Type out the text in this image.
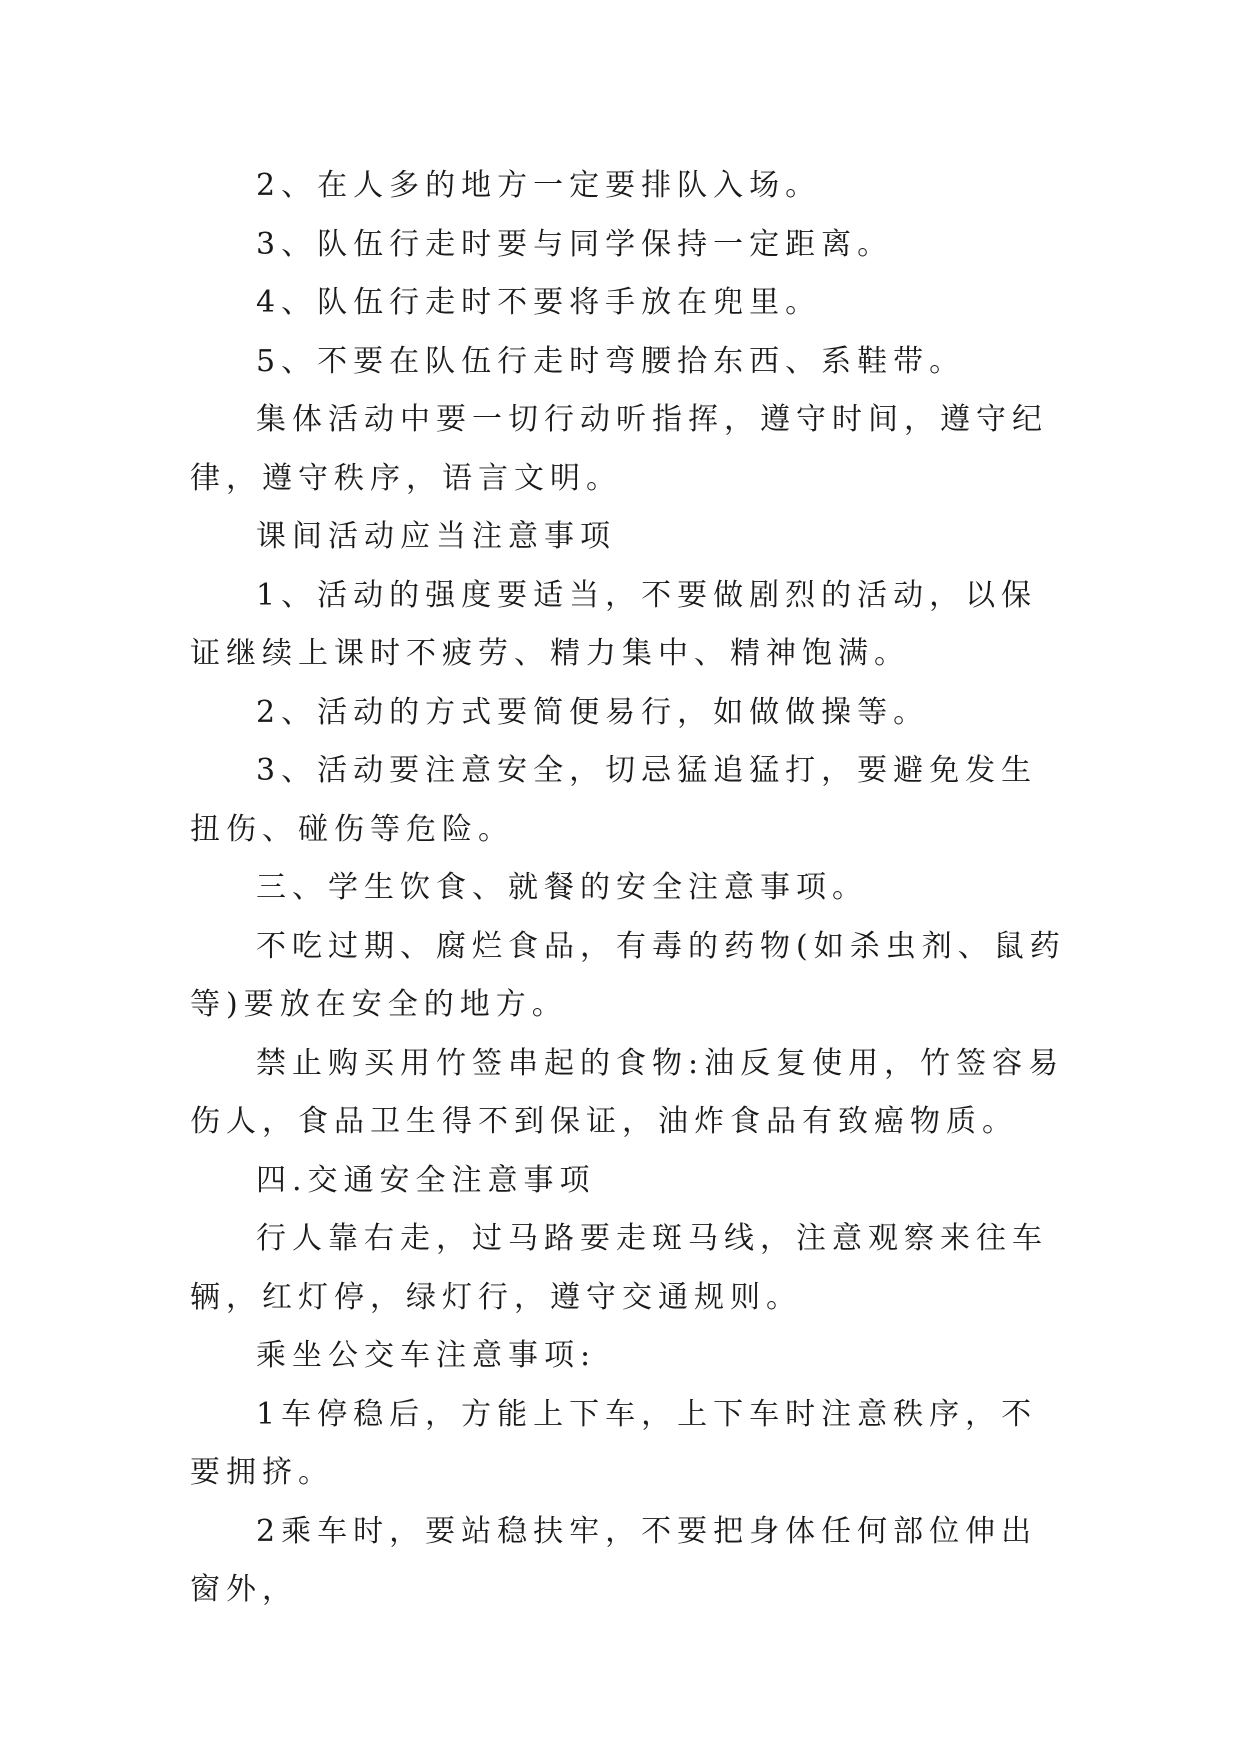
2、在人多的地方一定要排队入场。

3、队伍行走时要与同学保持一定距离。

4、队伍行走时不要将手放在兜里。

5、不要在队伍行走时弯腰拾东西、系鞋带。

集体活动中要一切行动听指挥，遵守时间，遵守纪律，遵守秩序，语言文明。

课间活动应当注意事项

1、活动的强度要适当，不要做剧烈的活动，以保证继续上课时不疲劳、精力集中、精神饱满。

2、活动的方式要简便易行，如做做操等。

3、活动要注意安全，切忌猛追猛打，要避免发生扭伤、碰伤等危险。

三、学生饮食、就餐的安全注意事项。

不吃过期、腐烂食品，有毒的药物(如杀虫剂、鼠药等)要放在安全的地方。

禁止购买用竹签串起的食物:油反复使用，竹签容易伤人，食品卫生得不到保证，油炸食品有致癌物质。

四.交通安全注意事项

行人靠右走，过马路要走斑马线，注意观察来往车辆，红灯停，绿灯行，遵守交通规则。

乘坐公交车注意事项:

1车停稳后，方能上下车，上下车时注意秩序，不要拥挤。

2乘车时，要站稳扶牢，不要把身体任何部位伸出窗外，
